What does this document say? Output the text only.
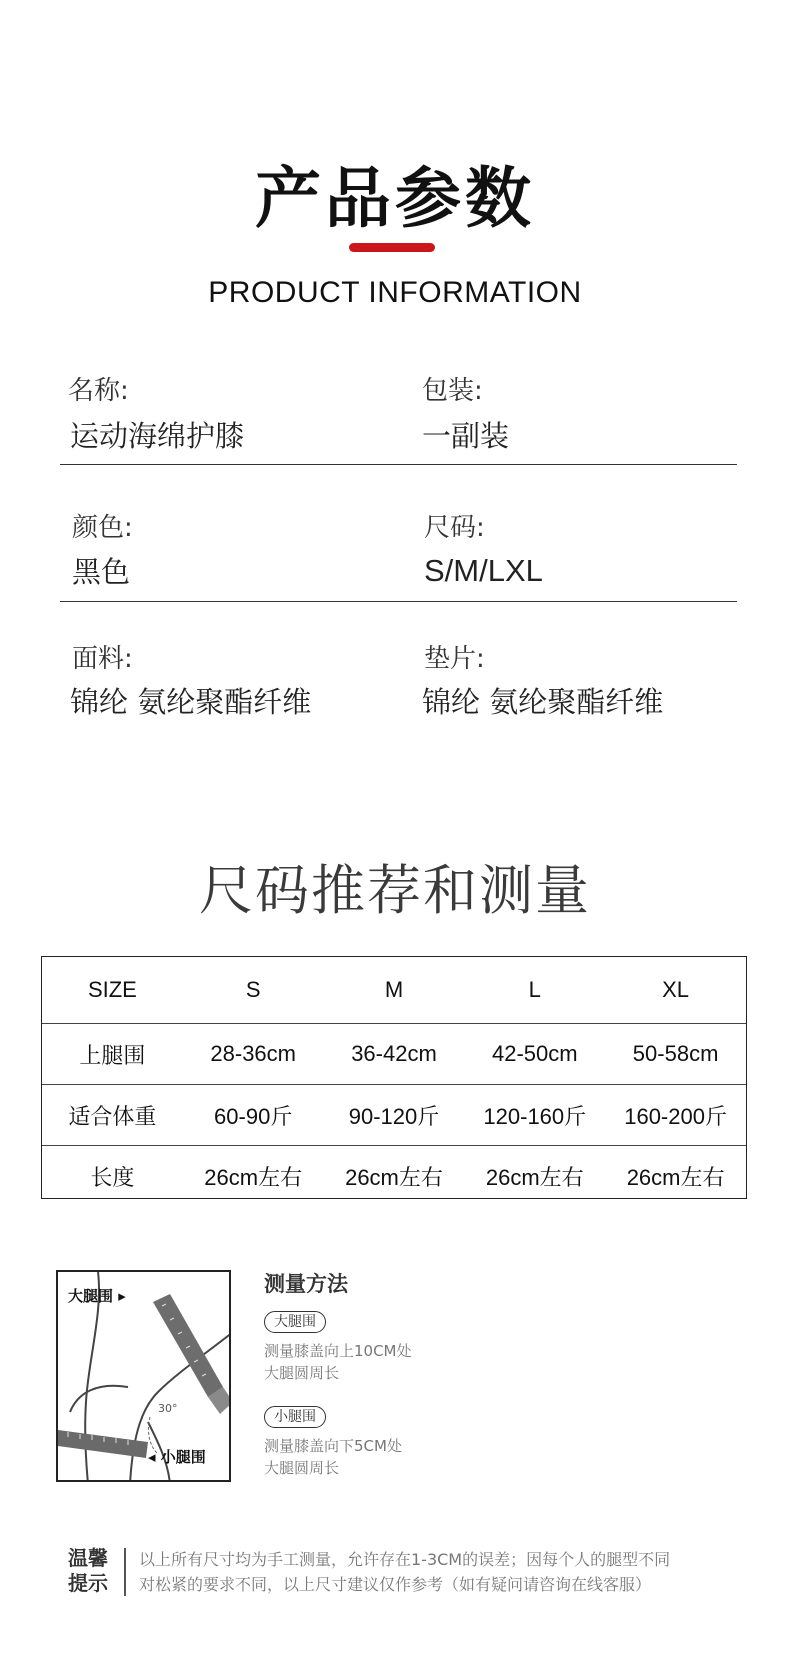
产品参数
PRODUCT INFORMATION
名称:
运动海绵护膝
包装:
一副装
颜色:
黑色
尺码:
S/M/LXL
面料:
锦纶 氨纶聚酯纤维
垫片:
锦纶 氨纶聚酯纤维
尺码推荐和测量
SIZE	S	M	L	XL
上腿围	28-36cm	36-42cm	42-50cm	50-58cm
适合体重	60-90斤	90-120斤	120-160斤	160-200斤
长度	26cm左右	26cm左右	26cm左右	26cm左右
大腿围 ▸
30°
◂ 小腿围
测量方法
大腿围
测量膝盖向上10CM处
大腿圆周长
小腿围
测量膝盖向下5CM处
大腿圆周长
温馨
提示
以上所有尺寸均为手工测量，允许存在1-3CM的误差；因每个人的腿型不同
对松紧的要求不同，以上尺寸建议仅作参考（如有疑问请咨询在线客服）
